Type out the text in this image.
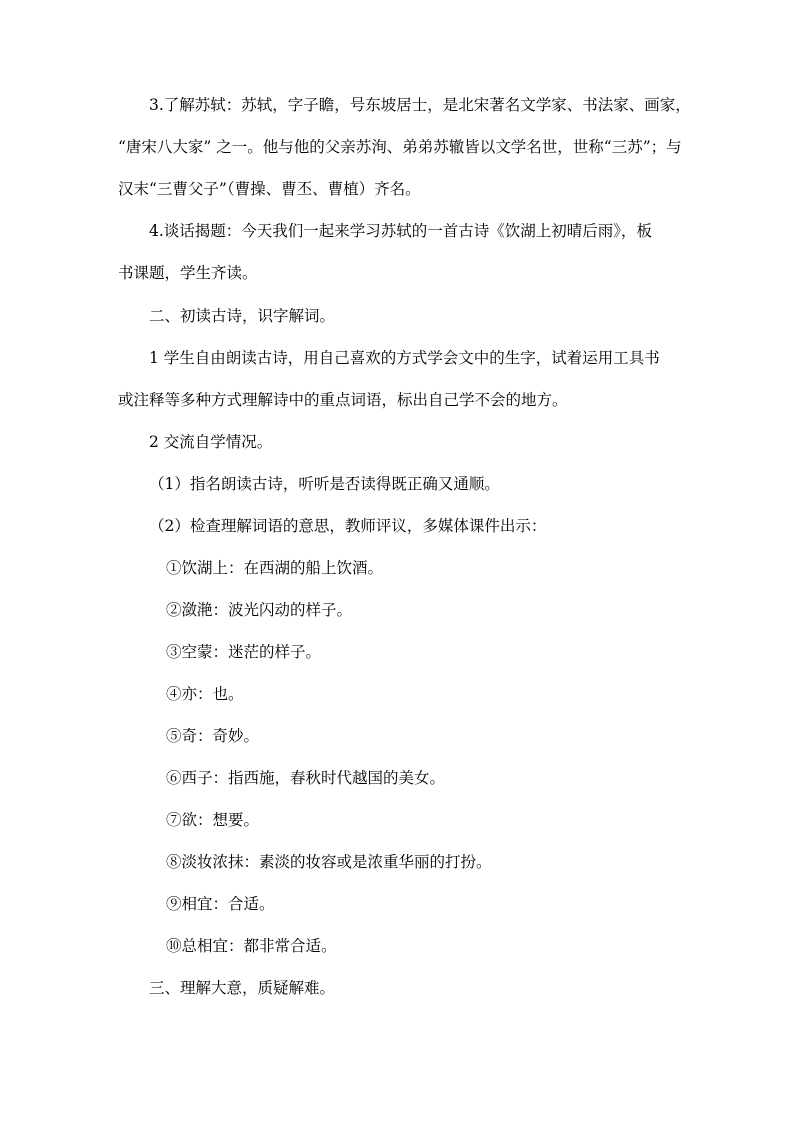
3.了解苏轼：苏轼，字子瞻，号东坡居士，是北宋著名文学家、书法家、画家，
“唐宋八大家” 之一。他与他的父亲苏洵、弟弟苏辙皆以文学名世，世称“三苏”；与
汉末“三曹父子”（曹操、曹丕、曹植）齐名。
4.谈话揭题：今天我们一起来学习苏轼的一首古诗《饮湖上初晴后雨》，板
书课题，学生齐读。
二、初读古诗，识字解词。
1 学生自由朗读古诗，用自己喜欢的方式学会文中的生字，试着运用工具书
或注释等多种方式理解诗中的重点词语，标出自己学不会的地方。
2 交流自学情况。
（1）指名朗读古诗，听听是否读得既正确又通顺。
（2）检查理解词语的意思，教师评议，多媒体课件出示：
①饮湖上：在西湖的船上饮酒。
②潋滟：波光闪动的样子。
③空蒙：迷茫的样子。
④亦：也。
⑤奇：奇妙。
⑥西子：指西施，春秋时代越国的美女。
⑦欲：想要。
⑧淡妆浓抹：素淡的妆容或是浓重华丽的打扮。
⑨相宜：合适。
⑩总相宜：都非常合适。
三、理解大意，质疑解难。
